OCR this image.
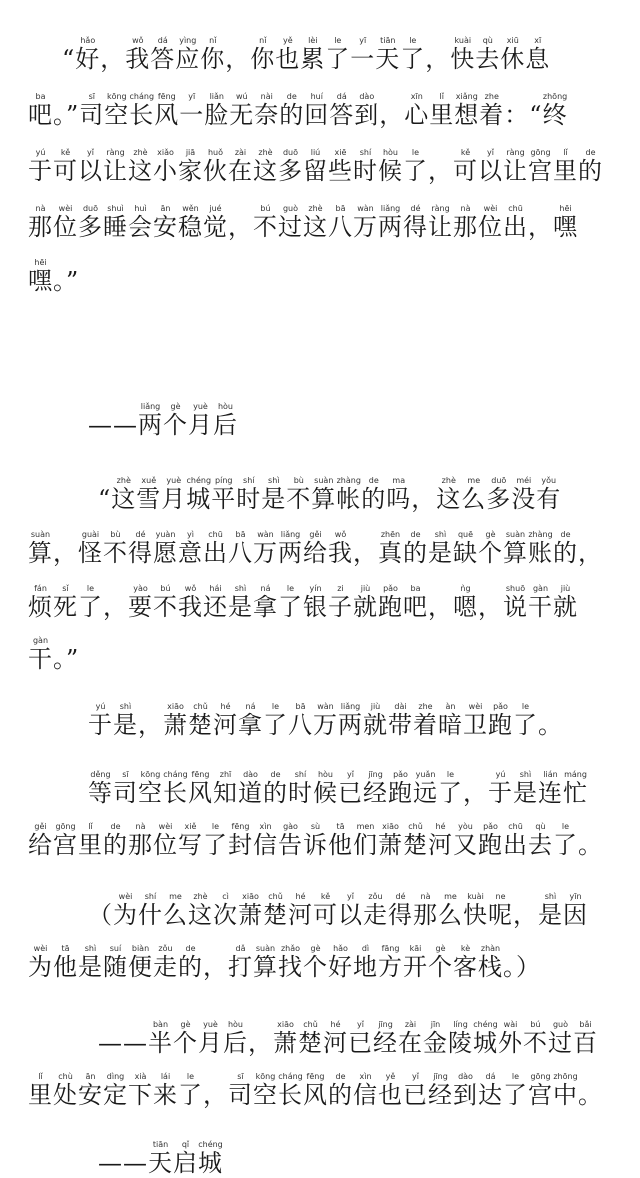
“好hǎo，我wǒ答dá应yìng你nǐ，你nǐ也yě累lèi了le一yī天tiān了le，快kuài去qù休xiū息xī
吧ba。”司sī空kōng长cháng风fēng一yī脸liǎn无wú奈nài的de回huí答dá到dào，心xīn里lǐ想xiǎng着zhe：“终zhōng
于yú可kě以yǐ让ràng这zhè小xiǎo家jiā伙huǒ在zài这zhè多duō留liú些xiē时shí候hòu了le，可kě以yǐ让ràng宫gōng里lǐ的de
那nà位wèi多duō睡shuì会huì安ān稳wěn觉jué，不bú过guò这zhè八bā万wàn两liǎng得dé让ràng那nà位wèi出chū，嘿hēi
嘿hēi。”
——两liǎng个gè月yuè后hòu
“这zhè雪xuě月yuè城chéng平píng时shí是shì不bù算suàn帐zhàng的de吗ma，这zhè么me多duō没méi有yǒu
算suàn，怪guài不bù得dé愿yuàn意yì出chū八bā万wàn两liǎng给gěi我wǒ，真zhēn的de是shì缺quē个gè算suàn账zhàng的de，
烦fán死sǐ了le，要yào不bú我wǒ还hái是shì拿ná了le银yín子zi就jiù跑pǎo吧ba，嗯ǹg，说shuō干gàn就jiù
干gàn。”
于yú是shì，萧xiāo楚chǔ河hé拿ná了le八bā万wàn两liǎng就jiù带dài着zhe暗àn卫wèi跑pǎo了le。
等děng司sī空kōng长cháng风fēng知zhī道dào的de时shí候hòu已yǐ经jīng跑pǎo远yuǎn了le，于yú是shì连lián忙máng
给gěi宫gōng里lǐ的de那nà位wèi写xiě了le封fēng信xìn告gào诉sù他tā们men萧xiāo楚chǔ河hé又yòu跑pǎo出chū去qù了le。
（为wèi什shí么me这zhè次cì萧xiāo楚chǔ河hé可kě以yǐ走zǒu得dé那nà么me快kuài呢ne，是shì因yīn
为wèi他tā是shì随suí便biàn走zǒu的de，打dǎ算suàn找zhǎo个gè好hǎo地dì方fāng开kāi个gè客kè栈zhàn。）
——半bàn个gè月yuè后hòu，萧xiāo楚chǔ河hé已yǐ经jīng在zài金jīn陵líng城chéng外wài不bú过guò百bǎi
里lǐ处chù安ān定dìng下xià来lái了le，司sī空kōng长cháng风fēng的de信xìn也yě已yǐ经jīng到dào达dá了le宫gōng中zhōng。
——天tiān启qǐ城chéng
